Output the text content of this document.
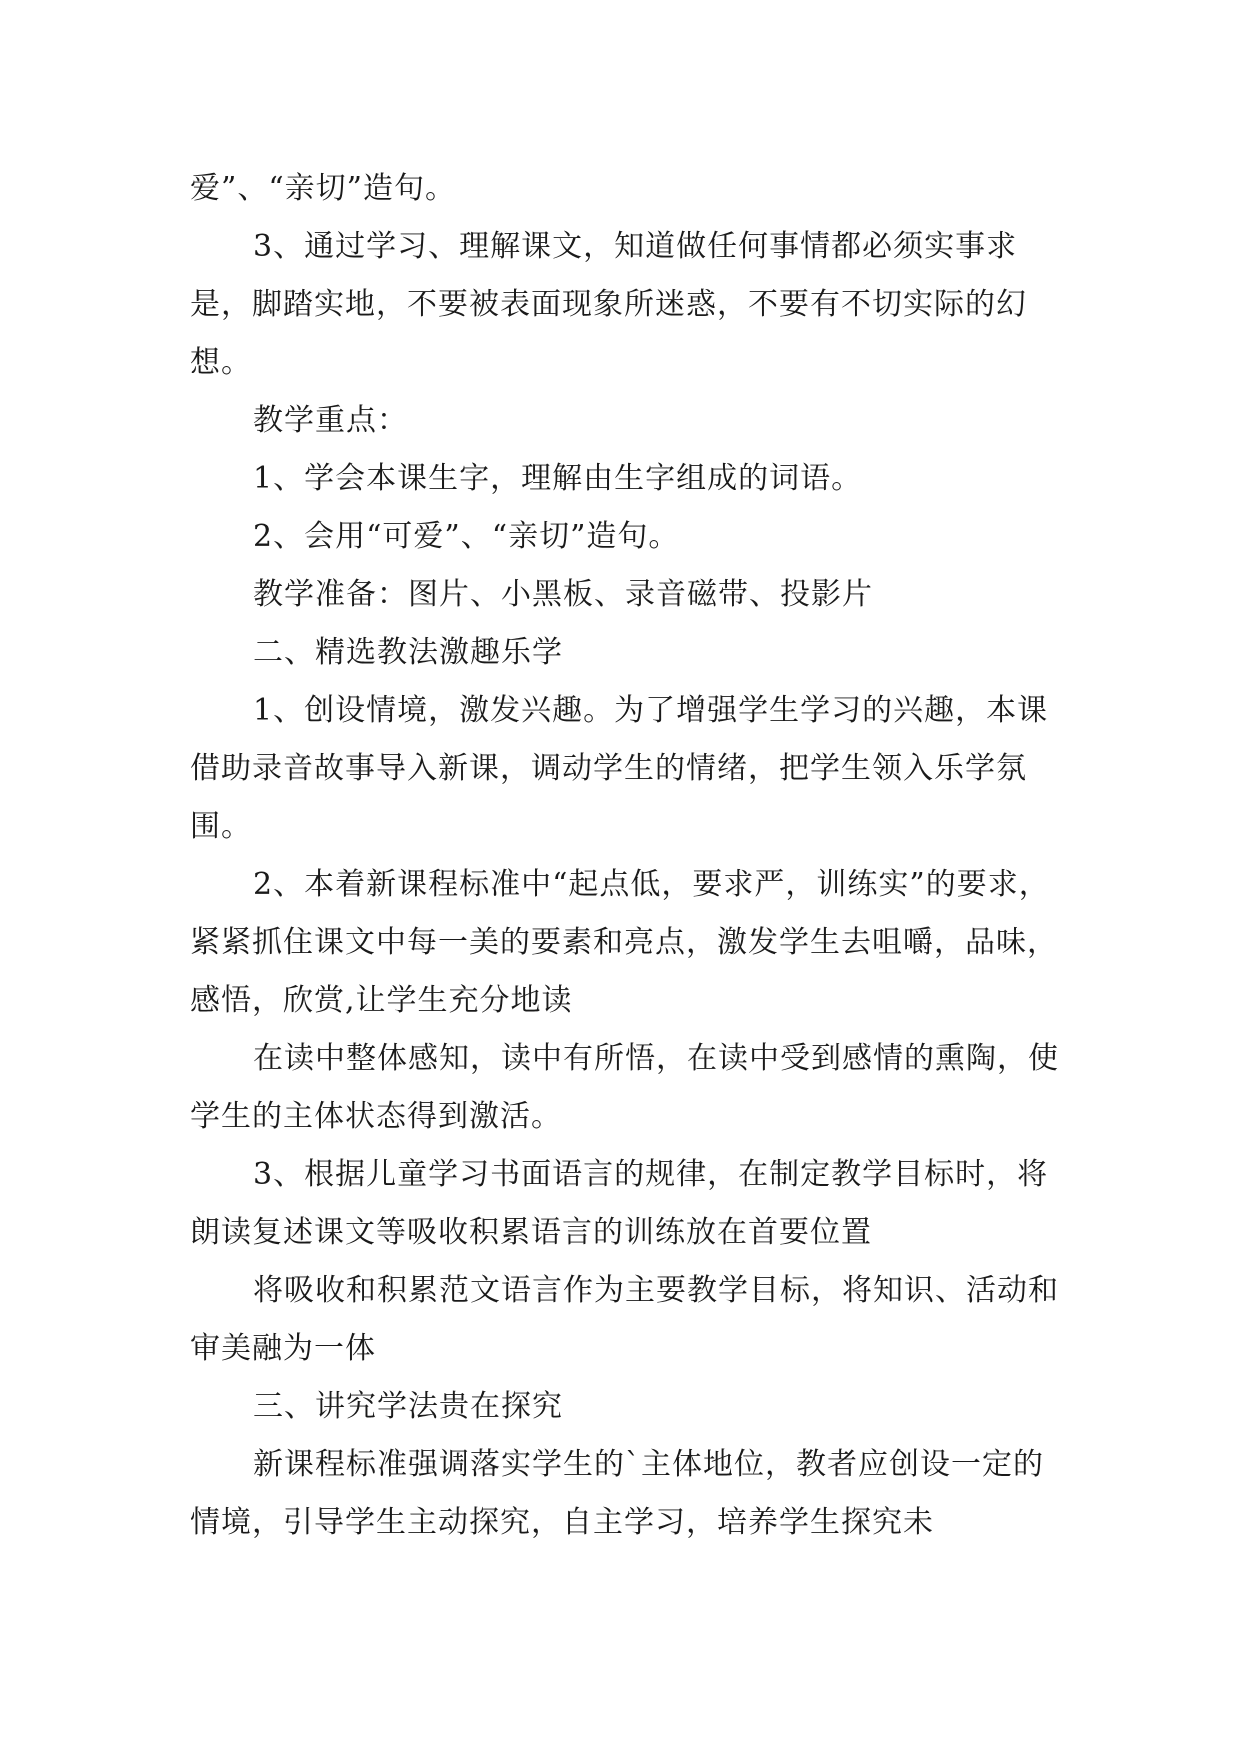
爱”、“亲切”造句。

3、通过学习、理解课文，知道做任何事情都必须实事求是，脚踏实地，不要被表面现象所迷惑，不要有不切实际的幻想。

教学重点：

1、学会本课生字，理解由生字组成的词语。

2、会用“可爱”、“亲切”造句。

教学准备：图片、小黑板、录音磁带、投影片

二、精选教法激趣乐学

1、创设情境，激发兴趣。为了增强学生学习的兴趣，本课借助录音故事导入新课，调动学生的情绪，把学生领入乐学氛围。

2、本着新课程标准中“起点低，要求严，训练实”的要求，紧紧抓住课文中每一美的要素和亮点，激发学生去咀嚼，品味，感悟，欣赏,让学生充分地读

在读中整体感知，读中有所悟，在读中受到感情的熏陶，使学生的主体状态得到激活。

3、根据儿童学习书面语言的规律，在制定教学目标时，将朗读复述课文等吸收积累语言的训练放在首要位置

将吸收和积累范文语言作为主要教学目标，将知识、活动和审美融为一体

三、讲究学法贵在探究

新课程标准强调落实学生的`主体地位，教者应创设一定的情境，引导学生主动探究，自主学习，培养学生探究未
